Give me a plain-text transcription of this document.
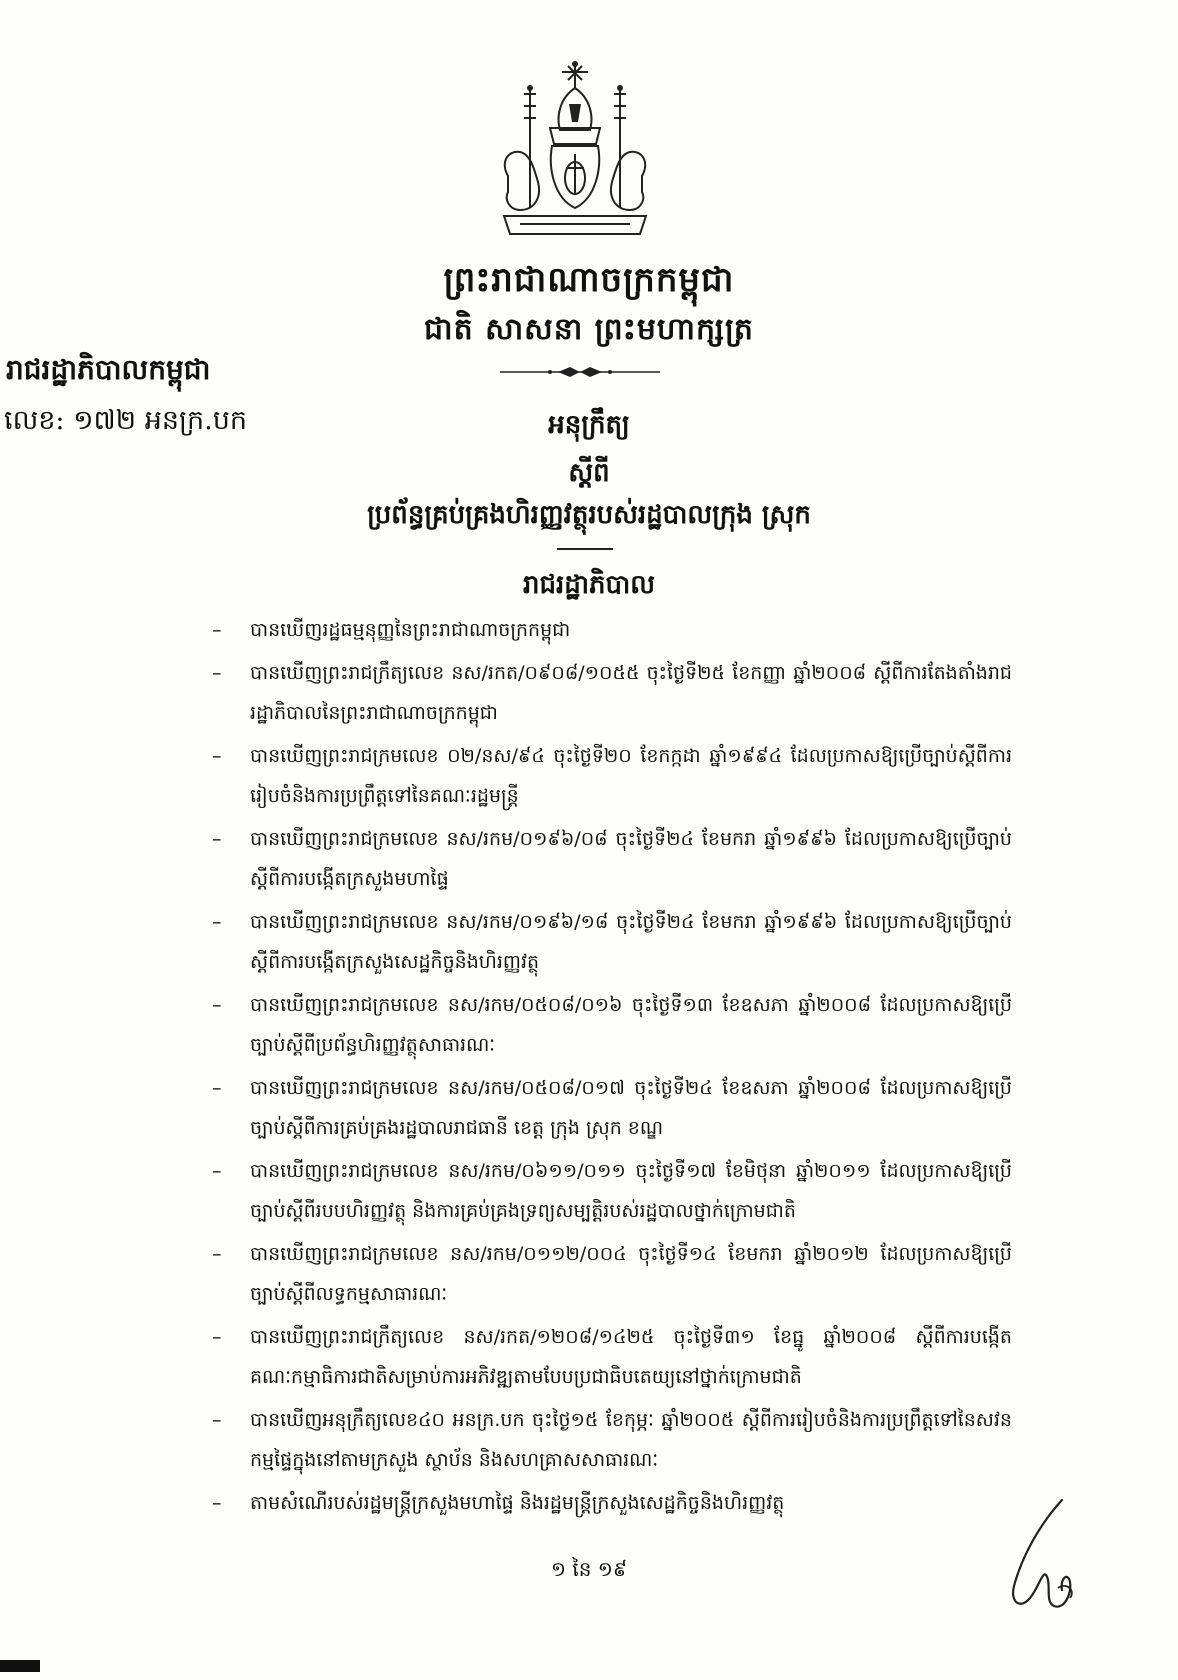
ព្រះរាជាណាចក្រកម្ពុជា
ជាតិ សាសនា ព្រះមហាក្សត្រ
រាជរដ្ឋាភិបាលកម្ពុជា
លេខ: ១៧២ អនក្រ.បក	អនុក្រឹត្យ
ស្តីពី
ប្រព័ន្ធគ្រប់គ្រងហិរញ្ញវត្ថុរបស់រដ្ឋបាលក្រុង ស្រុក
រាជរដ្ឋាភិបាល
– បានឃើញរដ្ឋធម្មនុញ្ញនៃព្រះរាជាណាចក្រកម្ពុជា
– បានឃើញព្រះរាជក្រឹត្យលេខ នស/រកត/០៩០៨/១០៥៥ ចុះថ្ងៃទី២៥ ខែកញ្ញា ឆ្នាំ២០០៨ ស្តីពីការតែងតាំងរាជរដ្ឋាភិបាលនៃព្រះរាជាណាចក្រកម្ពុជា
– បានឃើញព្រះរាជក្រមលេខ ០២/នស/៩៤ ចុះថ្ងៃទី២០ ខែកក្កដា ឆ្នាំ១៩៩៤ ដែលប្រកាសឱ្យប្រើច្បាប់ស្តីពីការរៀបចំនិងការប្រព្រឹត្តទៅនៃគណៈរដ្ឋមន្ត្រី
– បានឃើញព្រះរាជក្រមលេខ នស/រកម/០១៩៦/០៨ ចុះថ្ងៃទី២៤ ខែមករា ឆ្នាំ១៩៩៦ ដែលប្រកាសឱ្យប្រើច្បាប់ស្តីពីការបង្កើតក្រសួងមហាផ្ទៃ
– បានឃើញព្រះរាជក្រមលេខ នស/រកម/០១៩៦/១៨ ចុះថ្ងៃទី២៤ ខែមករា ឆ្នាំ១៩៩៦ ដែលប្រកាសឱ្យប្រើច្បាប់ស្តីពីការបង្កើតក្រសួងសេដ្ឋកិច្ចនិងហិរញ្ញវត្ថុ
– បានឃើញព្រះរាជក្រមលេខ នស/រកម/០៥០៨/០១៦ ចុះថ្ងៃទី១៣ ខែឧសភា ឆ្នាំ២០០៨ ដែលប្រកាសឱ្យប្រើច្បាប់ស្តីពីប្រព័ន្ធហិរញ្ញវត្ថុសាធារណៈ
– បានឃើញព្រះរាជក្រមលេខ នស/រកម/០៥០៨/០១៧ ចុះថ្ងៃទី២៤ ខែឧសភា ឆ្នាំ២០០៨ ដែលប្រកាសឱ្យប្រើច្បាប់ស្តីពីការគ្រប់គ្រងរដ្ឋបាលរាជធានី ខេត្ត ក្រុង ស្រុក ខណ្ឌ
– បានឃើញព្រះរាជក្រមលេខ នស/រកម/០៦១១/០១១ ចុះថ្ងៃទី១៧ ខែមិថុនា ឆ្នាំ២០១១ ដែលប្រកាសឱ្យប្រើច្បាប់ស្តីពីរបបហិរញ្ញវត្ថុ និងការគ្រប់គ្រងទ្រព្យសម្បត្តិរបស់រដ្ឋបាលថ្នាក់ក្រោមជាតិ
– បានឃើញព្រះរាជក្រមលេខ នស/រកម/០១១២/០០៤ ចុះថ្ងៃទី១៤ ខែមករា ឆ្នាំ២០១២ ដែលប្រកាសឱ្យប្រើច្បាប់ស្តីពីលទ្ធកម្មសាធារណៈ
– បានឃើញព្រះរាជក្រឹត្យលេខ នស/រកត/១២០៨/១៤២៥ ចុះថ្ងៃទី៣១ ខែធ្នូ ឆ្នាំ២០០៨ ស្តីពីការបង្កើតគណៈកម្មាធិការជាតិសម្រាប់ការអភិវឌ្ឍតាមបែបប្រជាធិបតេយ្យនៅថ្នាក់ក្រោមជាតិ
– បានឃើញអនុក្រឹត្យលេខ៤០ អនក្រ.បក ចុះថ្ងៃ១៥ ខែកុម្ភៈ ឆ្នាំ២០០៥ ស្តីពីការរៀបចំនិងការប្រព្រឹត្តទៅនៃសវនកម្មផ្ទៃក្នុងនៅតាមក្រសួង ស្ថាប័ន និងសហគ្រាសសាធារណៈ
– តាមសំណើរបស់រដ្ឋមន្ត្រីក្រសួងមហាផ្ទៃ និងរដ្ឋមន្ត្រីក្រសួងសេដ្ឋកិច្ចនិងហិរញ្ញវត្ថុ
១ នៃ ១៩
